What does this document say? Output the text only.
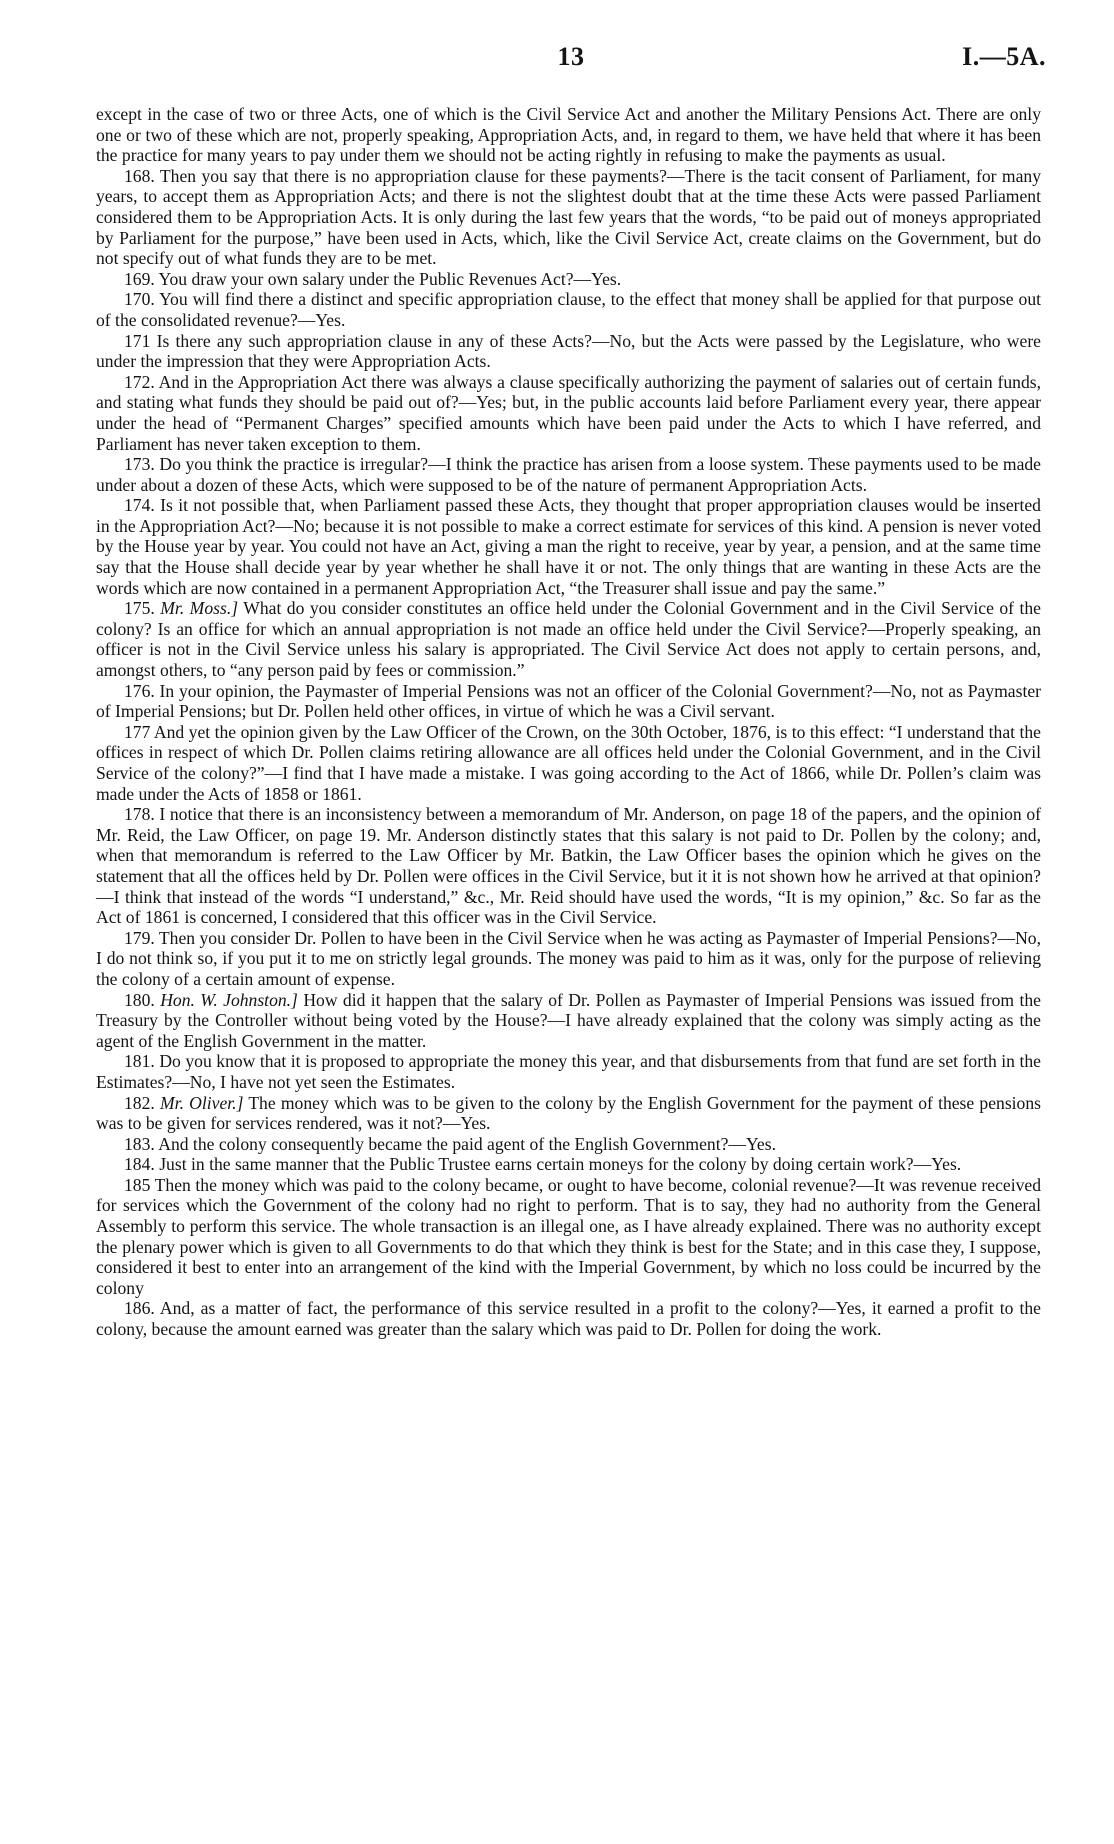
13	I.—5A.

except in the case of two or three Acts, one of which is the Civil Service Act and another the Military Pensions Act. There are only one or two of these which are not, properly speaking, Appropriation Acts, and, in regard to them, we have held that where it has been the practice for many years to pay under them we should not be acting rightly in refusing to make the payments as usual.

168. Then you say that there is no appropriation clause for these payments?—There is the tacit consent of Parliament, for many years, to accept them as Appropriation Acts; and there is not the slightest doubt that at the time these Acts were passed Parliament considered them to be Appropriation Acts. It is only during the last few years that the words, “to be paid out of moneys appropriated by Parliament for the purpose,” have been used in Acts, which, like the Civil Service Act, create claims on the Government, but do not specify out of what funds they are to be met.

169. You draw your own salary under the Public Revenues Act?—Yes.

170. You will find there a distinct and specific appropriation clause, to the effect that money shall be applied for that purpose out of the consolidated revenue?—Yes.

171 Is there any such appropriation clause in any of these Acts?—No, but the Acts were passed by the Legislature, who were under the impression that they were Appropriation Acts.

172. And in the Appropriation Act there was always a clause specifically authorizing the payment of salaries out of certain funds, and stating what funds they should be paid out of?—Yes; but, in the public accounts laid before Parliament every year, there appear under the head of “Permanent Charges” specified amounts which have been paid under the Acts to which I have referred, and Parliament has never taken exception to them.

173. Do you think the practice is irregular?—I think the practice has arisen from a loose system. These payments used to be made under about a dozen of these Acts, which were supposed to be of the nature of permanent Appropriation Acts.

174. Is it not possible that, when Parliament passed these Acts, they thought that proper appropriation clauses would be inserted in the Appropriation Act?—No; because it is not possible to make a correct estimate for services of this kind. A pension is never voted by the House year by year. You could not have an Act, giving a man the right to receive, year by year, a pension, and at the same time say that the House shall decide year by year whether he shall have it or not. The only things that are wanting in these Acts are the words which are now contained in a permanent Appropriation Act, “the Treasurer shall issue and pay the same.”

175. Mr. Moss.] What do you consider constitutes an office held under the Colonial Government and in the Civil Service of the colony? Is an office for which an annual appropriation is not made an office held under the Civil Service?—Properly speaking, an officer is not in the Civil Service unless his salary is appropriated. The Civil Service Act does not apply to certain persons, and, amongst others, to “any person paid by fees or commission.”

176. In your opinion, the Paymaster of Imperial Pensions was not an officer of the Colonial Government?—No, not as Paymaster of Imperial Pensions; but Dr. Pollen held other offices, in virtue of which he was a Civil servant.

177 And yet the opinion given by the Law Officer of the Crown, on the 30th October, 1876, is to this effect: “I understand that the offices in respect of which Dr. Pollen claims retiring allowance are all offices held under the Colonial Government, and in the Civil Service of the colony?”—I find that I have made a mistake. I was going according to the Act of 1866, while Dr. Pollen’s claim was made under the Acts of 1858 or 1861.

178. I notice that there is an inconsistency between a memorandum of Mr. Anderson, on page 18 of the papers, and the opinion of Mr. Reid, the Law Officer, on page 19. Mr. Anderson distinctly states that this salary is not paid to Dr. Pollen by the colony; and, when that memorandum is referred to the Law Officer by Mr. Batkin, the Law Officer bases the opinion which he gives on the statement that all the offices held by Dr. Pollen were offices in the Civil Service, but it it is not shown how he arrived at that opinion?—I think that instead of the words “I understand,” &c., Mr. Reid should have used the words, “It is my opinion,” &c. So far as the Act of 1861 is concerned, I considered that this officer was in the Civil Service.

179. Then you consider Dr. Pollen to have been in the Civil Service when he was acting as Paymaster of Imperial Pensions?—No, I do not think so, if you put it to me on strictly legal grounds. The money was paid to him as it was, only for the purpose of relieving the colony of a certain amount of expense.

180. Hon. W. Johnston.] How did it happen that the salary of Dr. Pollen as Paymaster of Imperial Pensions was issued from the Treasury by the Controller without being voted by the House?—I have already explained that the colony was simply acting as the agent of the English Government in the matter.

181. Do you know that it is proposed to appropriate the money this year, and that disbursements from that fund are set forth in the Estimates?—No, I have not yet seen the Estimates.

182. Mr. Oliver.] The money which was to be given to the colony by the English Government for the payment of these pensions was to be given for services rendered, was it not?—Yes.

183. And the colony consequently became the paid agent of the English Government?—Yes.

184. Just in the same manner that the Public Trustee earns certain moneys for the colony by doing certain work?—Yes.

185 Then the money which was paid to the colony became, or ought to have become, colonial revenue?—It was revenue received for services which the Government of the colony had no right to perform. That is to say, they had no authority from the General Assembly to perform this service. The whole transaction is an illegal one, as I have already explained. There was no authority except the plenary power which is given to all Governments to do that which they think is best for the State; and in this case they, I suppose, considered it best to enter into an arrangement of the kind with the Imperial Government, by which no loss could be incurred by the colony

186. And, as a matter of fact, the performance of this service resulted in a profit to the colony?—Yes, it earned a profit to the colony, because the amount earned was greater than the salary which was paid to Dr. Pollen for doing the work.
